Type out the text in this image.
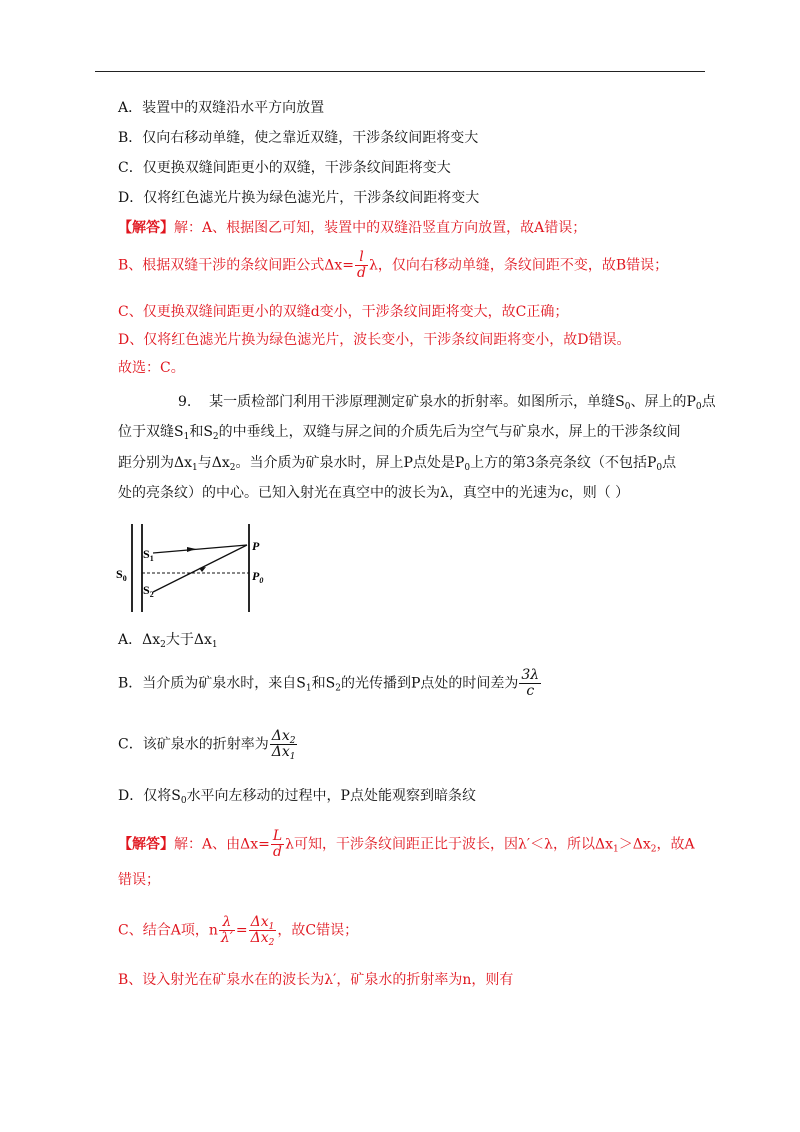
A．装置中的双缝沿水平方向放置
B．仅向右移动单缝，使之靠近双缝，干涉条纹间距将变大
C．仅更换双缝间距更小的双缝，干涉条纹间距将变大
D．仅将红色滤光片换为绿色滤光片，干涉条纹间距将变大
【解答】解：A、根据图乙可知，装置中的双缝沿竖直方向放置，故A错误；
B、根据双缝干涉的条纹间距公式$\Delta x= \frac{l}{d}$ λ，仅向右移动单缝，条纹间距不变，故B错误；
C、仅更换双缝间距更小的双缝d变小，干涉条纹间距将变大，故C正确；
D、仅将红色滤光片换为绿色滤光片，波长变小，干涉条纹间距将变小，故D错误。
故选：C。
9. 某一质检部门利用干涉原理测定矿泉水的折射率。如图所示，单缝$S_0$、屏上的$P_0$点
位于双缝$S_1$和$S_2$的中垂线上，双缝与屏之间的介质先后为空气与矿泉水，屏上的干涉条纹间
距分别为$\Delta x_1$与$\Delta x_2$。当介质为矿泉水时，屏上P点处是$P_0$上方的第3条亮条纹（不包括$P_0$点
处的亮条纹）的中心。已知入射光在真空中的波长为λ，真空中的光速为c，则（ ）
$S_1$
$S_0$
$S_2$
P
$P_0$
A．$\Delta x_2$大于$\Delta x_1$
B．当介质为矿泉水时，来自$S_1$和$S_2$的光传播到P点处的时间差为 $\frac{3\lambda}{c}$
C．该矿泉水的折射率为 $\frac{\Delta x_2}{\Delta x_1}$
D．仅将$S_0$水平向左移动的过程中，P点处能观察到暗条纹
【解答】解：A、由$\Delta x= \frac{L}{d}$ λ可知，干涉条纹间距正比于波长，因λ′＜λ，所以$\Delta x_1>\Delta x_2$，故A
错误；
C、结合A项，n $\frac{\lambda}{\lambda'} = \frac{\Delta x_1}{\Delta x_2}$ ，故C错误；
B、设入射光在矿泉水在的波长为λ′，矿泉水的折射率为n，则有
